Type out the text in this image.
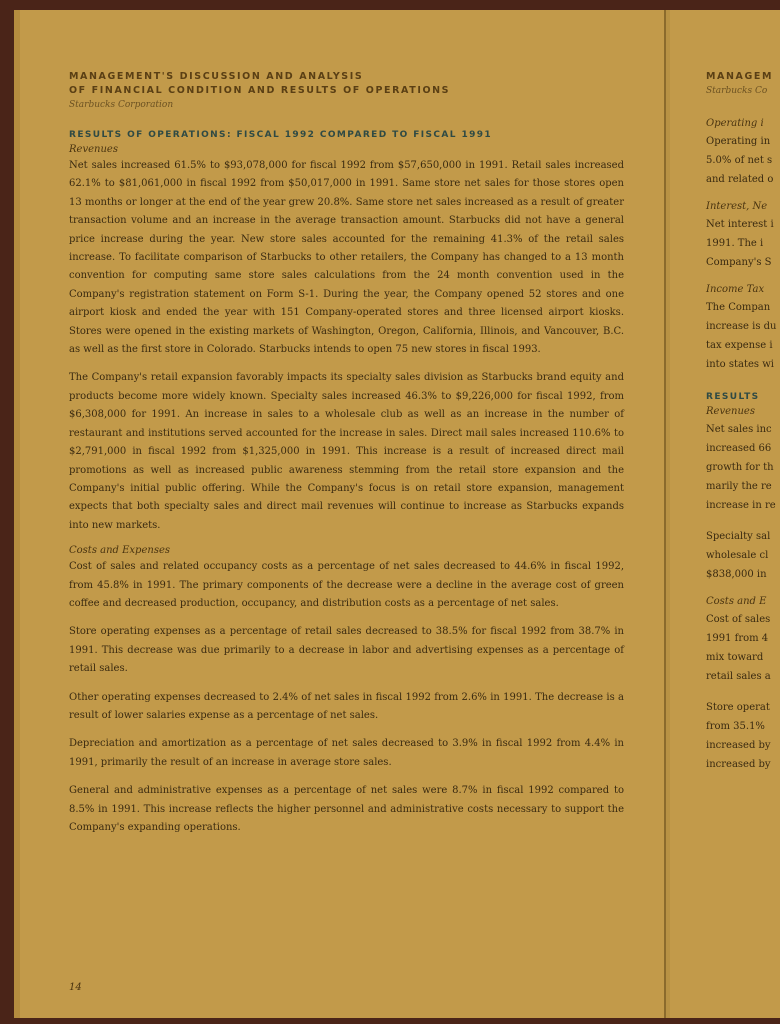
MANAGEMENT'S DISCUSSION AND ANALYSIS

OF FINANCIAL CONDITION AND RESULTS OF OPERATIONS

Starbucks Corporation

RESULTS OF OPERATIONS: FISCAL 1992 COMPARED TO FISCAL 1991

Revenues

Net sales increased 61.5% to $93,078,000 for fiscal 1992 from $57,650,000 in 1991. Retail sales increased 62.1% to $81,061,000 in fiscal 1992 from $50,017,000 in 1991. Same store net sales for those stores open 13 months or longer at the end of the year grew 20.8%. Same store net sales increased as a result of greater transaction volume and an increase in the average transaction amount. Starbucks did not have a general price increase during the year. New store sales accounted for the remaining 41.3% of the retail sales increase. To facilitate comparison of Starbucks to other retailers, the Company has changed to a 13 month convention for computing same store sales calculations from the 24 month convention used in the Company's registration statement on Form S-1. During the year, the Company opened 52 stores and one airport kiosk and ended the year with 151 Company-operated stores and three licensed airport kiosks. Stores were opened in the existing markets of Washington, Oregon, California, Illinois, and Vancouver, B.C. as well as the first store in Colorado. Starbucks intends to open 75 new stores in fiscal 1993.

The Company's retail expansion favorably impacts its specialty sales division as Starbucks brand equity and products become more widely known. Specialty sales increased 46.3% to $9,226,000 for fiscal 1992, from $6,308,000 for 1991. An increase in sales to a wholesale club as well as an increase in the number of restaurant and institutions served accounted for the increase in sales. Direct mail sales increased 110.6% to $2,791,000 in fiscal 1992 from $1,325,000 in 1991. This increase is a result of increased direct mail promotions as well as increased public awareness stemming from the retail store expansion and the Company's initial public offering. While the Company's focus is on retail store expansion, management expects that both specialty sales and direct mail revenues will continue to increase as Starbucks expands into new markets.

Costs and Expenses

Cost of sales and related occupancy costs as a percentage of net sales decreased to 44.6% in fiscal 1992, from 45.8% in 1991. The primary components of the decrease were a decline in the average cost of green coffee and decreased production, occupancy, and distribution costs as a percentage of net sales.

Store operating expenses as a percentage of retail sales decreased to 38.5% for fiscal 1992 from 38.7% in 1991. This decrease was due primarily to a decrease in labor and advertising expenses as a percentage of retail sales.

Other operating expenses decreased to 2.4% of net sales in fiscal 1992 from 2.6% in 1991. The decrease is a result of lower salaries expense as a percentage of net sales.

Depreciation and amortization as a percentage of net sales decreased to 3.9% in fiscal 1992 from 4.4% in 1991, primarily the result of an increase in average store sales.

General and administrative expenses as a percentage of net sales were 8.7% in fiscal 1992 compared to 8.5% in 1991. This increase reflects the higher personnel and administrative costs necessary to support the Company's expanding operations.

14

MANAGEM

Starbucks Co

Operating i

Operating in

5.0% of net s

and related o

Interest, Ne

Net interest i

1991. The i

Company's S

Income Tax

The Compan

increase is du

tax expense i

into states wi

RESULTS

Revenues

Net sales inc

increased 66

growth for th

marily the re

increase in re

Specialty sal

wholesale cl

$838,000 in

Costs and E

Cost of sales

1991 from 4

mix toward

retail sales a

Store operat

from 35.1%

increased by

increased by
